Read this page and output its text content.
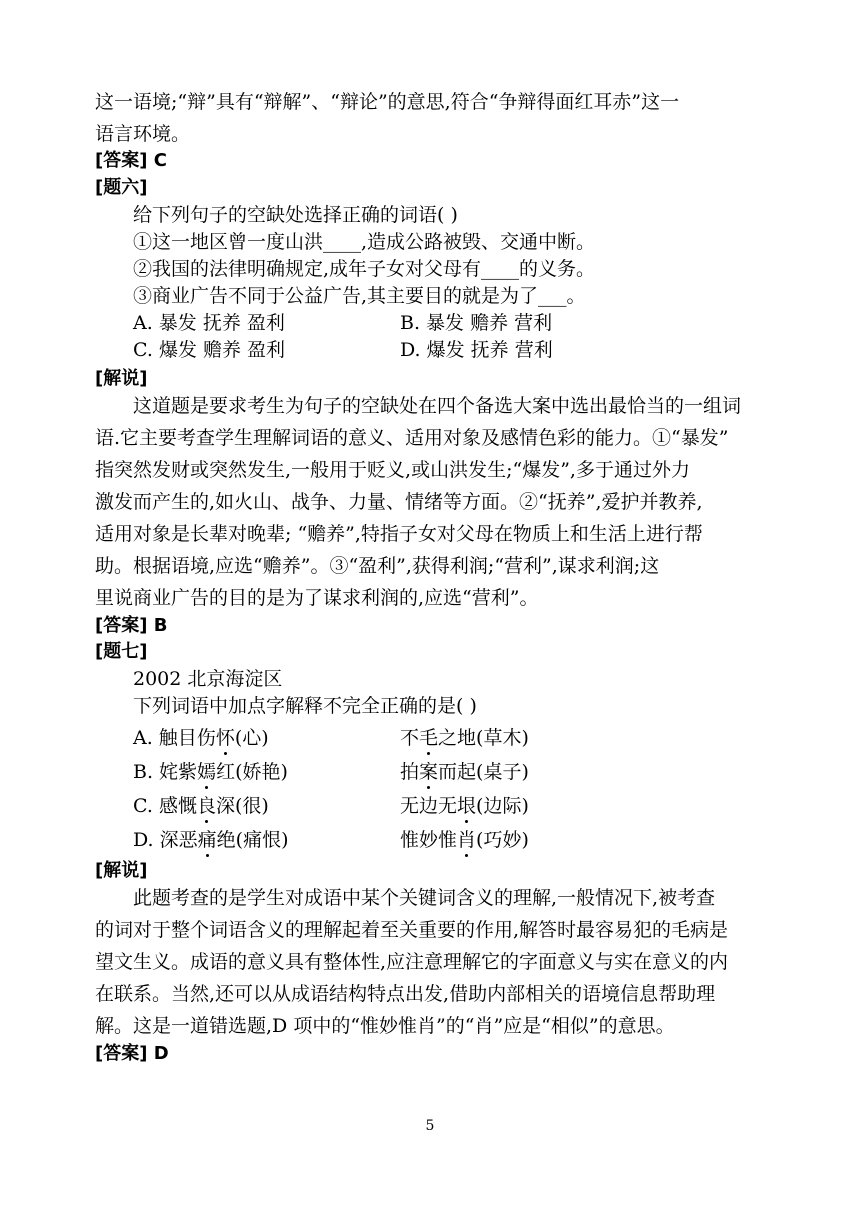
这一语境;“辩”具有“辩解”、“辩论”的意思,符合“争辩得面红耳赤”这一
语言环境。
[答案] C
[题六]
给下列句子的空缺处选择正确的词语( )
①这一地区曾一度山洪____,造成公路被毁、交通中断。
②我国的法律明确规定,成年子女对父母有____的义务。
③商业广告不同于公益广告,其主要目的就是为了___。
A. 暴发 抚养 盈利	B. 暴发 赡养 营利
C. 爆发 赡养 盈利	D. 爆发 抚养 营利
[解说]
这道题是要求考生为句子的空缺处在四个备选大案中选出最恰当的一组词
语.它主要考查学生理解词语的意义、适用对象及感情色彩的能力。①“暴发”
指突然发财或突然发生,一般用于贬义,或山洪发生;“爆发”,多于通过外力
激发而产生的,如火山、战争、力量、情绪等方面。②“抚养”,爱护并教养,
适用对象是长辈对晚辈; “赡养”,特指子女对父母在物质上和生活上进行帮
助。根据语境,应选“赡养”。③“盈利”,获得利润;“营利”,谋求利润;这
里说商业广告的目的是为了谋求利润的,应选“营利”。
[答案] B
[题七]
2002 北京海淀区
下列词语中加点字解释不完全正确的是( )
A. 触目伤怀(心)	不毛之地(草木)
B. 姹紫嫣红(娇艳)	拍案而起(桌子)
C. 感慨良深(很)	无边无垠(边际)
D. 深恶痛绝(痛恨)	惟妙惟肖(巧妙)
[解说]
此题考查的是学生对成语中某个关键词含义的理解,一般情况下,被考查
的词对于整个词语含义的理解起着至关重要的作用,解答时最容易犯的毛病是
望文生义。成语的意义具有整体性,应注意理解它的字面意义与实在意义的内
在联系。当然,还可以从成语结构特点出发,借助内部相关的语境信息帮助理
解。这是一道错选题,D 项中的“惟妙惟肖”的“肖”应是“相似”的意思。
[答案] D
5
